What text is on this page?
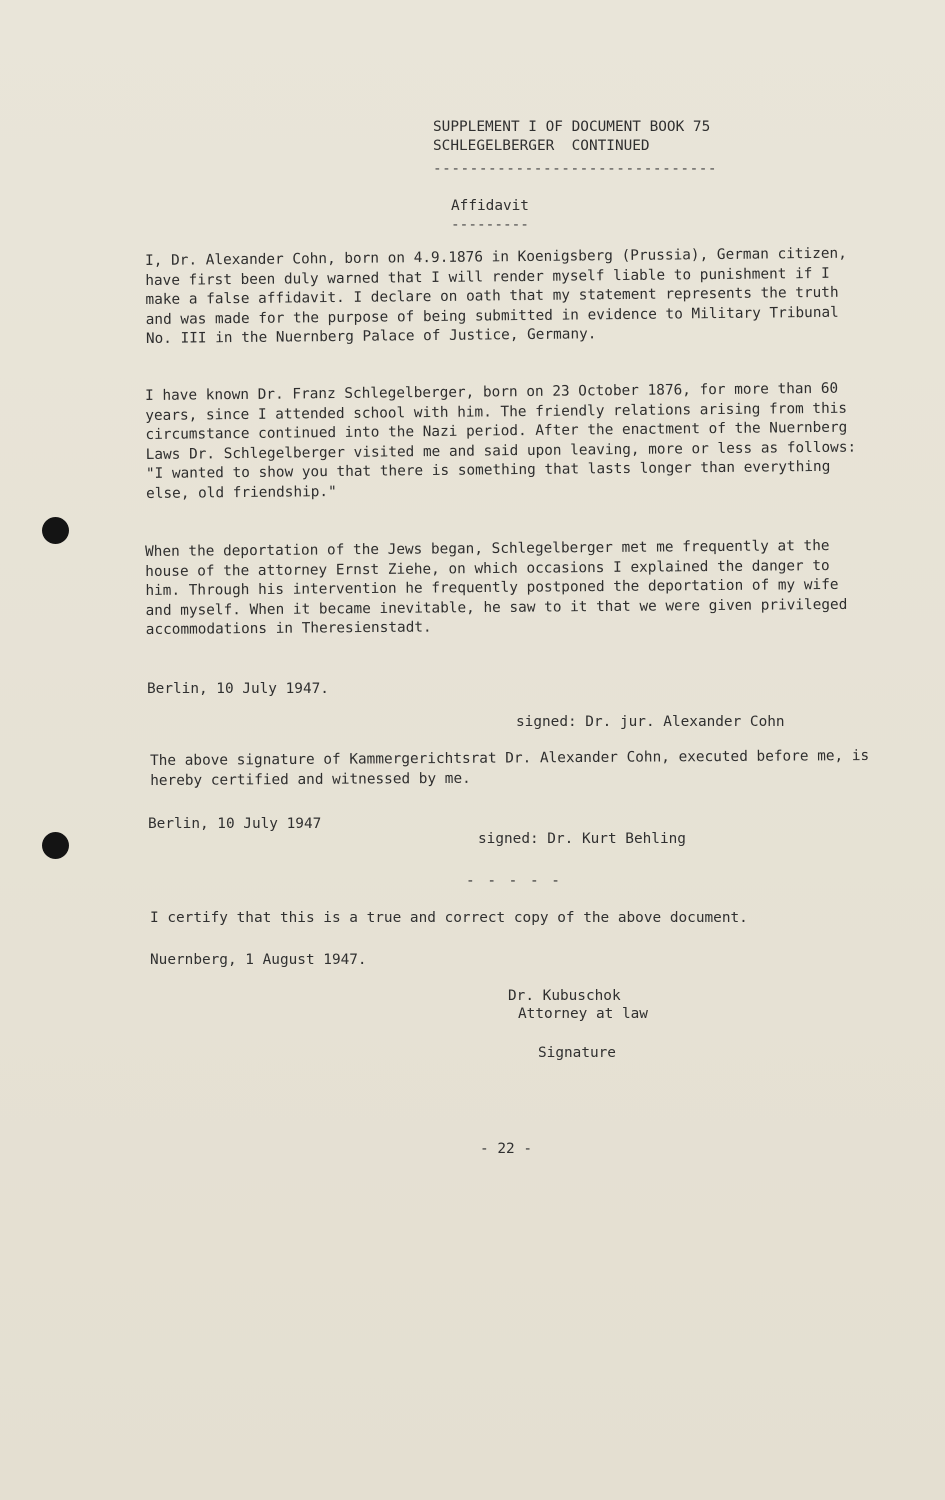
SUPPLEMENT I OF DOCUMENT BOOK 75
SCHLEGELBERGER  CONTINUED
-------------------------------
Affidavit
---------

I, Dr. Alexander Cohn, born on 4.9.1876 in Koenigsberg (Prussia), German citizen, have first been duly warned that I will render myself liable to punishment if I make a false affidavit. I declare on oath that my statement represents the truth and was made for the purpose of being submitted in evidence to Military Tribunal No. III in the Nuernberg Palace of Justice, Germany.

I have known Dr. Franz Schlegelberger, born on 23 October 1876, for more than 60 years, since I attended school with him. The friendly relations arising from this circumstance continued into the Nazi period. After the enactment of the Nuernberg Laws Dr. Schlegelberger visited me and said upon leaving, more or less as follows: "I wanted to show you that there is something that lasts longer than everything else, old friendship."

When the deportation of the Jews began, Schlegelberger met me frequently at the house of the attorney Ernst Ziehe, on which occasions I explained the danger to him. Through his intervention he frequently postponed the deportation of my wife and myself. When it became inevitable, he saw to it that we were given privileged accommodations in Theresienstadt.

Berlin, 10 July 1947.
signed: Dr. jur. Alexander Cohn

The above signature of Kammergerichtsrat Dr. Alexander Cohn, executed before me, is hereby certified and witnessed by me.

Berlin, 10 July 1947
signed: Dr. Kurt Behling
- - - - -
I certify that this is a true and correct copy of the above document.
Nuernberg, 1 August 1947.
Dr. Kubuschok
Attorney at law
Signature
- 22 -
